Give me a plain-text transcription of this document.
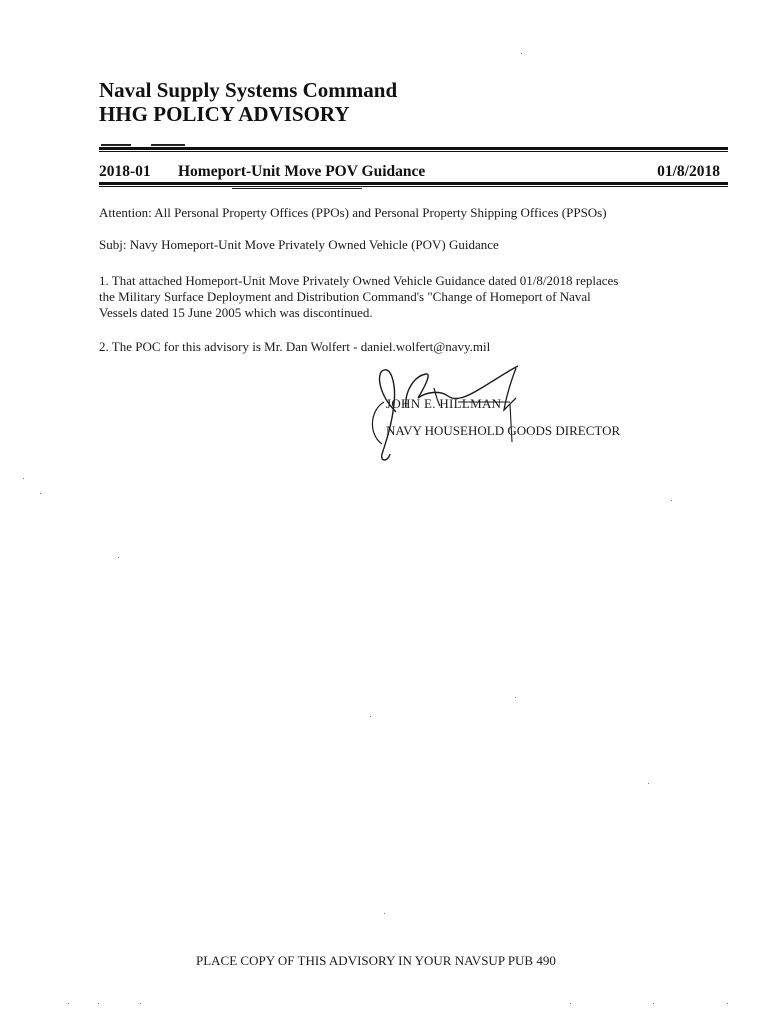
Naval Supply Systems Command
HHG POLICY ADVISORY
2018-01 Homeport-Unit Move POV Guidance	01/8/2018
Attention: All Personal Property Offices (PPOs) and Personal Property Shipping Offices (PPSOs)
Subj: Navy Homeport-Unit Move Privately Owned Vehicle (POV) Guidance
1. That attached Homeport-Unit Move Privately Owned Vehicle Guidance dated 01/8/2018 replaces
the Military Surface Deployment and Distribution Command's "Change of Homeport of Naval
Vessels dated 15 June 2005 which was discontinued.
2. The POC for this advisory is Mr. Dan Wolfert - daniel.wolfert@navy.mil
JOHN E. HILLMAN
NAVY HOUSEHOLD GOODS DIRECTOR
PLACE COPY OF THIS ADVISORY IN YOUR NAVSUP PUB 490
